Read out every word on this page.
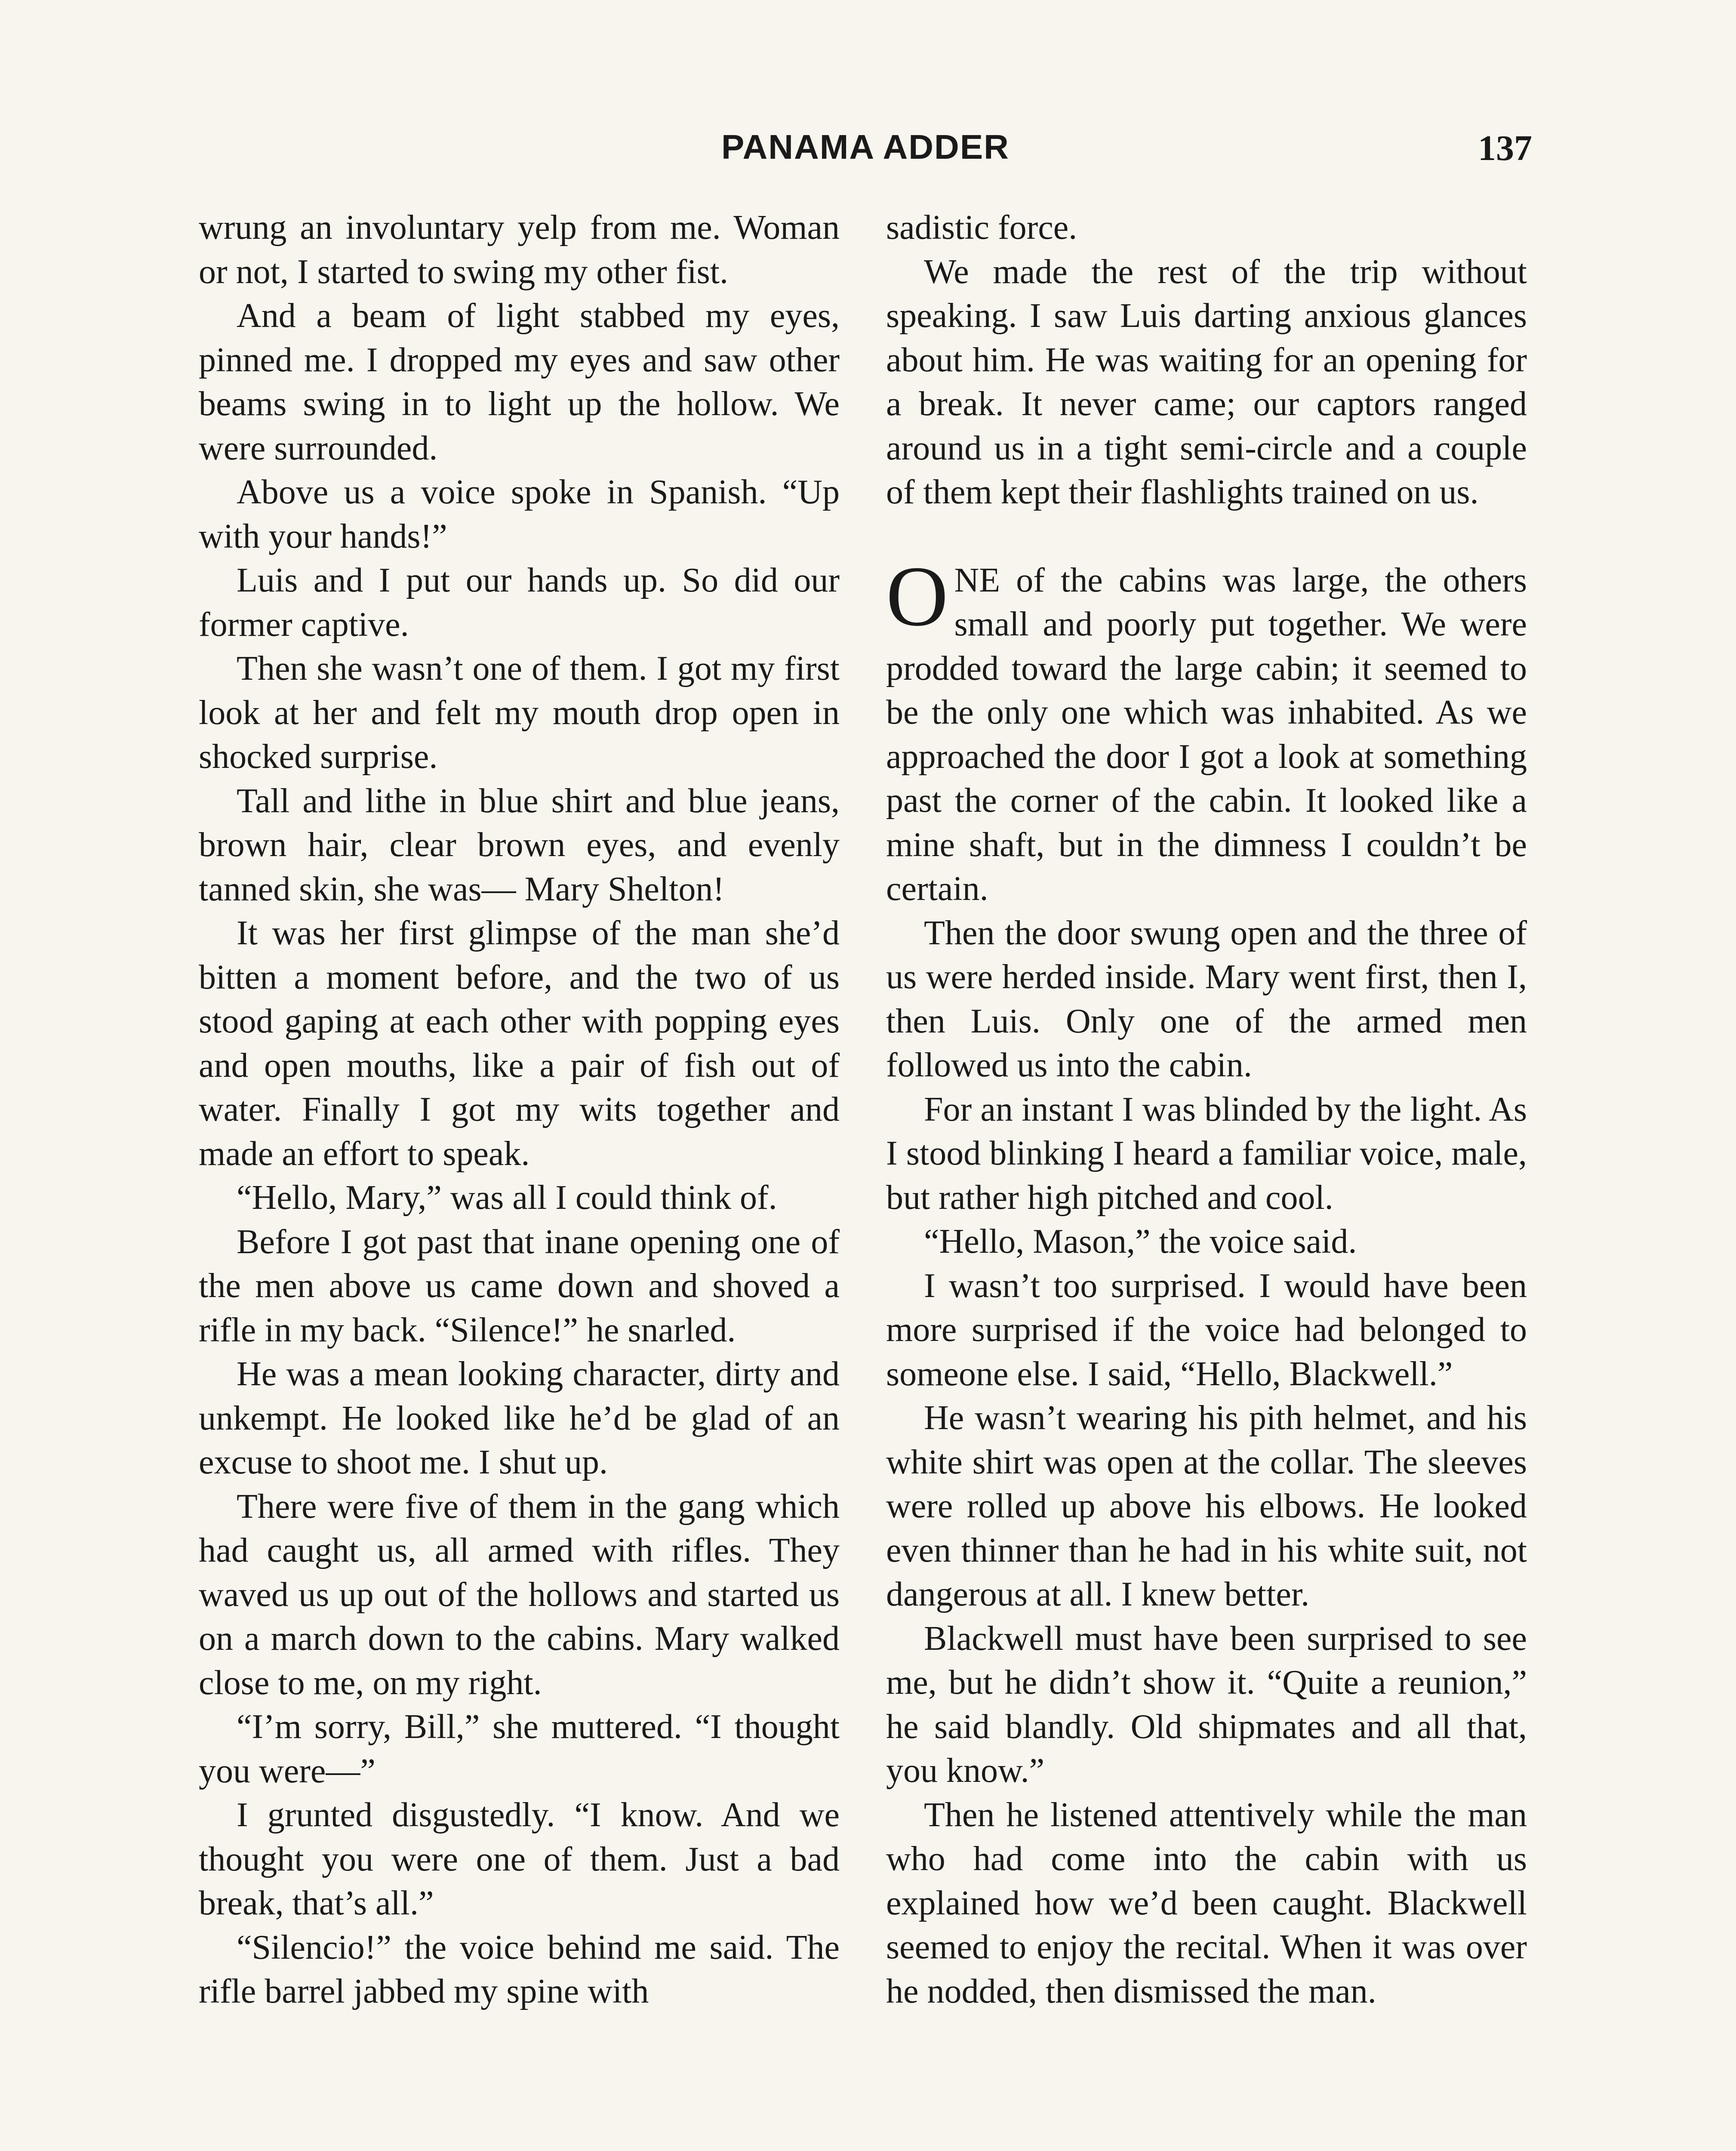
PANAMA ADDER	137

wrung an involuntary yelp from me. Woman or not, I started to swing my other fist.

And a beam of light stabbed my eyes, pinned me. I dropped my eyes and saw other beams swing in to light up the hollow. We were surrounded.

Above us a voice spoke in Spanish. “Up with your hands!”

Luis and I put our hands up. So did our former captive.

Then she wasn’t one of them. I got my first look at her and felt my mouth drop open in shocked surprise.

Tall and lithe in blue shirt and blue jeans, brown hair, clear brown eyes, and evenly tanned skin, she was— Mary Shelton!

It was her first glimpse of the man she’d bitten a moment before, and the two of us stood gaping at each other with popping eyes and open mouths, like a pair of fish out of water. Finally I got my wits together and made an effort to speak.

“Hello, Mary,” was all I could think of.

Before I got past that inane opening one of the men above us came down and shoved a rifle in my back. “Silence!” he snarled.

He was a mean looking character, dirty and unkempt. He looked like he’d be glad of an excuse to shoot me. I shut up.

There were five of them in the gang which had caught us, all armed with rifles. They waved us up out of the hollows and started us on a march down to the cabins. Mary walked close to me, on my right.

“I’m sorry, Bill,” she muttered. “I thought you were—”

I grunted disgustedly. “I know. And we thought you were one of them. Just a bad break, that’s all.”

“Silencio!” the voice behind me said. The rifle barrel jabbed my spine with

sadistic force.

We made the rest of the trip without speaking. I saw Luis darting anxious glances about him. He was waiting for an opening for a break. It never came; our captors ranged around us in a tight semi-circle and a couple of them kept their flashlights trained on us.

ONE of the cabins was large, the others small and poorly put together. We were prodded toward the large cabin; it seemed to be the only one which was inhabited. As we approached the door I got a look at something past the corner of the cabin. It looked like a mine shaft, but in the dimness I couldn’t be certain.

Then the door swung open and the three of us were herded inside. Mary went first, then I, then Luis. Only one of the armed men followed us into the cabin.

For an instant I was blinded by the light. As I stood blinking I heard a familiar voice, male, but rather high pitched and cool.

“Hello, Mason,” the voice said.

I wasn’t too surprised. I would have been more surprised if the voice had belonged to someone else. I said, “Hello, Blackwell.”

He wasn’t wearing his pith helmet, and his white shirt was open at the collar. The sleeves were rolled up above his elbows. He looked even thinner than he had in his white suit, not dangerous at all. I knew better.

Blackwell must have been surprised to see me, but he didn’t show it. “Quite a reunion,” he said blandly. Old shipmates and all that, you know.”

Then he listened attentively while the man who had come into the cabin with us explained how we’d been caught. Blackwell seemed to enjoy the recital. When it was over he nodded, then dismissed the man.
